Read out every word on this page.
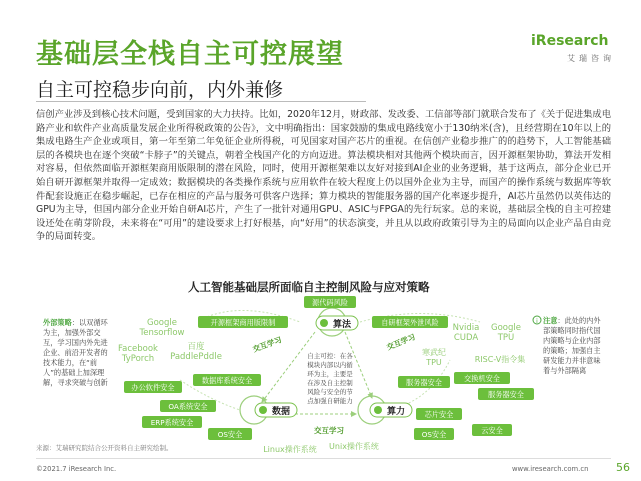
基础层全栈自主可控展望
自主可控稳步向前，内外兼修
iResearch
艾瑞咨询
信创产业涉及到核心技术问题，受到国家的大力扶持。比如，2020年12月，财政部、发改委、工信部等部门就联合发布了《关于促进集成电路产业和软件产业高质量发展企业所得税政策的公告》，文中明确指出：国家鼓励的集成电路线宽小于130纳米(含)，且经营期在10年以上的集成电路生产企业或项目，第一年至第二年免征企业所得税，可见国家对国产芯片的重视。在信创产业稳步推广的的趋势下，人工智能基础层的各模块也在逐个突破“卡脖子”的关键点，朝着全栈国产化的方向迈进。算法模块相对其他两个模块而言，因开源框架协助，算法开发相对容易，但依然面临开源框架商用版限制的潜在风险，同时，使用开源框架难以友好对接到AI企业的业务逻辑，基于这两点，部分企业已开始自研开源框架并取得一定成效；数据模块的各类操作系统与应用软件在较大程度上仍以国外企业为主导，而国产的操作系统与数据库等软件配套设施正在稳步崛起，已存在相应的产品与服务可供客户选择；算力模块的智能服务器的国产化率逐步提升，AI芯片虽然仍以英伟达的GPU为主导，但国内部分企业开始自研AI芯片，产生了一批针对通用GPU、ASIC与FPGA的先行玩家。总的来说，基础层全栈的自主可控建设还处在萌芽阶段，未来将在“可用”的建设要求上打好根基，向“好用”的状态演变，并且从以政府政策引导为主的局面向以企业产品自由竞争的局面转变。
人工智能基础层所面临自主控制风险与应对策略
算法
数据	算力
自主可控：在各
模块内部以内循
环为主，主要是
在涉及自主控制
风险与安全的节
点加强自研能力
交互学习	交互学习
交互学习
源代码风险
开源框架商用版限制	自研框架外泄风险
办公软件安全
数据库系统安全
OA系统安全
ERP系统安全
OS安全
服务器安全	交换机安全
服务器安全
芯片安全
云安全
OS安全
Google
Tensorflow
Facebook
TyPorch
百度
PaddlePddle
Nvidia
CUDA
Google
TPU
寒武纪
TPU	RISC-V指令集
Linux操作系统 Unix操作系统
i
外部策略：以双循环为主，加强外部交互，学习国内外先进企业、前沿开发者的技术能力，在“前人”的基础上加深理解，寻求突破与创新
注意：此处的内外部策略同时指代国内策略与企业内部的策略；加强自主研发能力并非意味着与外部隔离
来源：艾瑞研究院结合公开资料自主研究绘制。
©2021.7 iResearch Inc.	www.iresearch.com.cn	56
